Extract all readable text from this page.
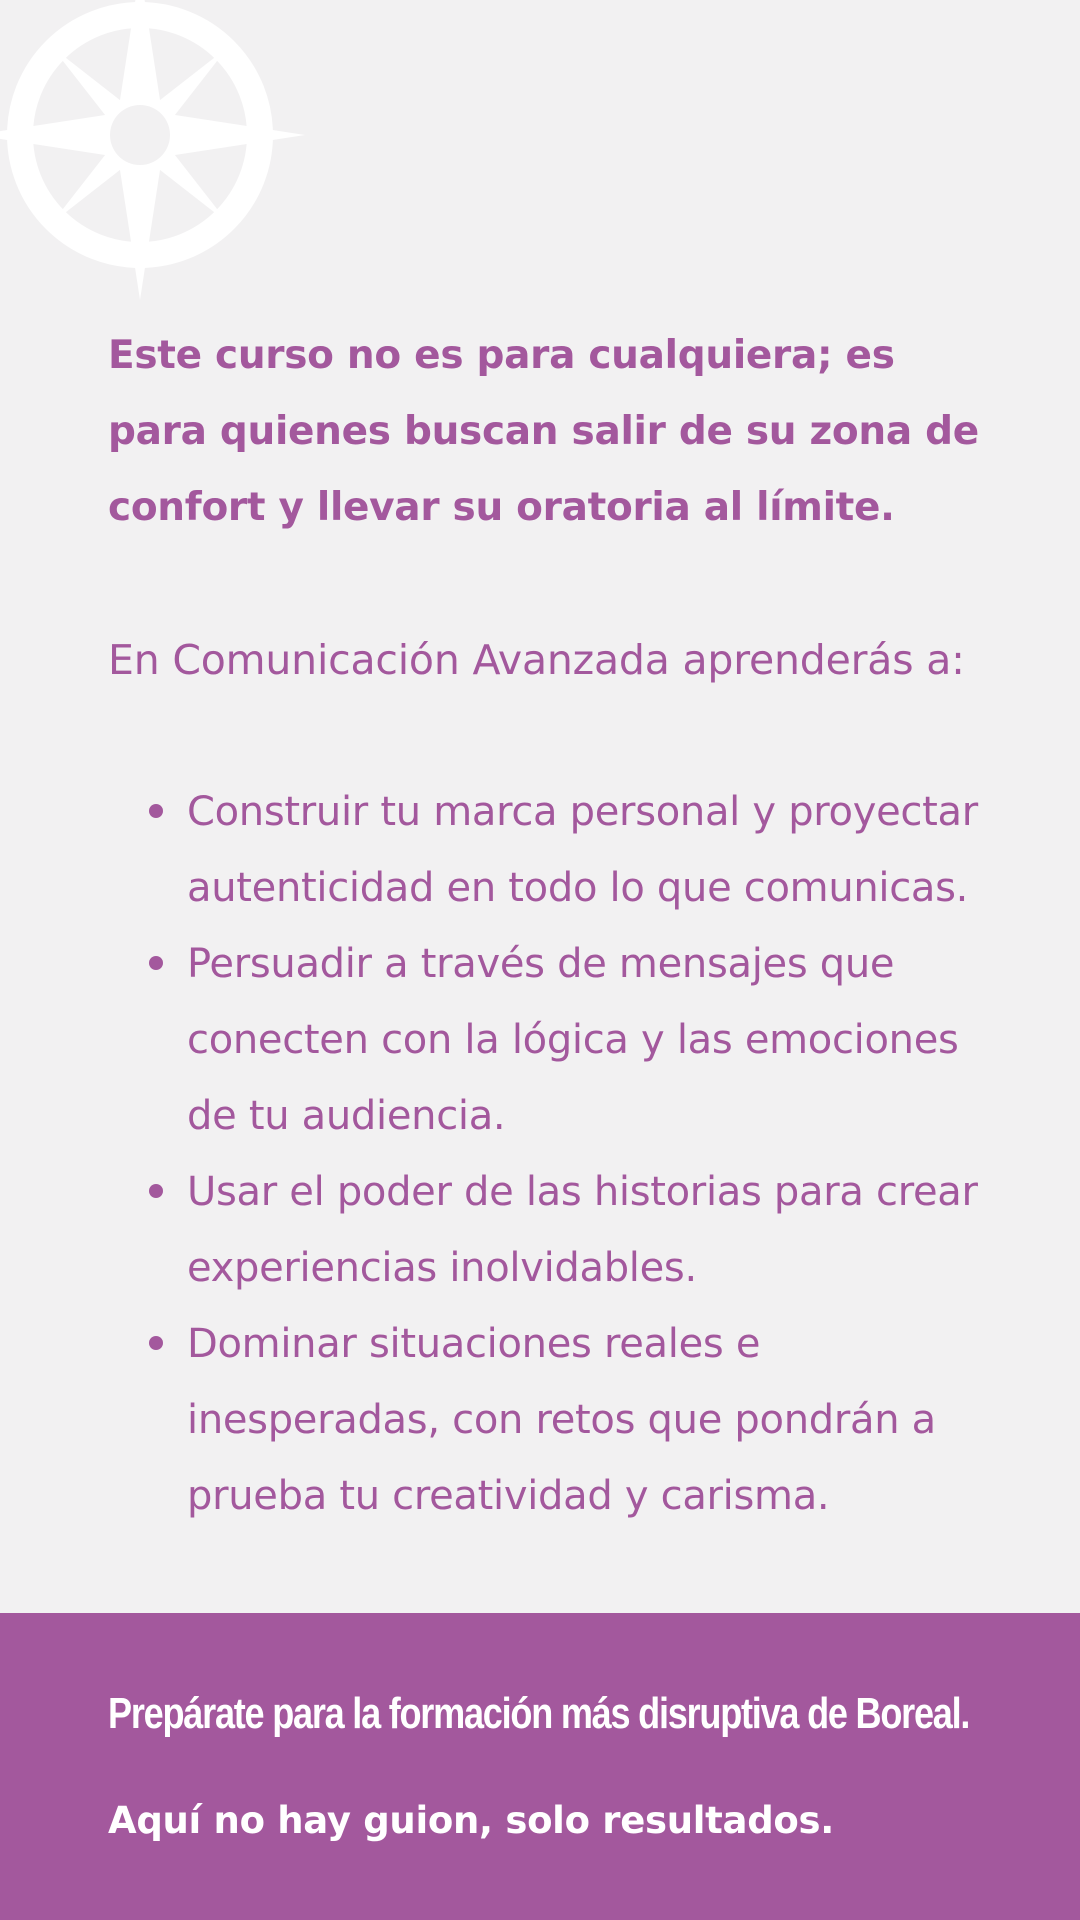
Este curso no es para cualquiera; es para quienes buscan salir de su zona de confort y llevar su oratoria al límite.

En Comunicación Avanzada aprenderás a:

Construir tu marca personal y proyectar autenticidad en todo lo que comunicas.
Persuadir a través de mensajes que conecten con la lógica y las emociones de tu audiencia.
Usar el poder de las historias para crear experiencias inolvidables.
Dominar situaciones reales e inesperadas, con retos que pondrán a prueba tu creatividad y carisma.

Prepárate para la formación más disruptiva de Boreal.

Aquí no hay guion, solo resultados.
